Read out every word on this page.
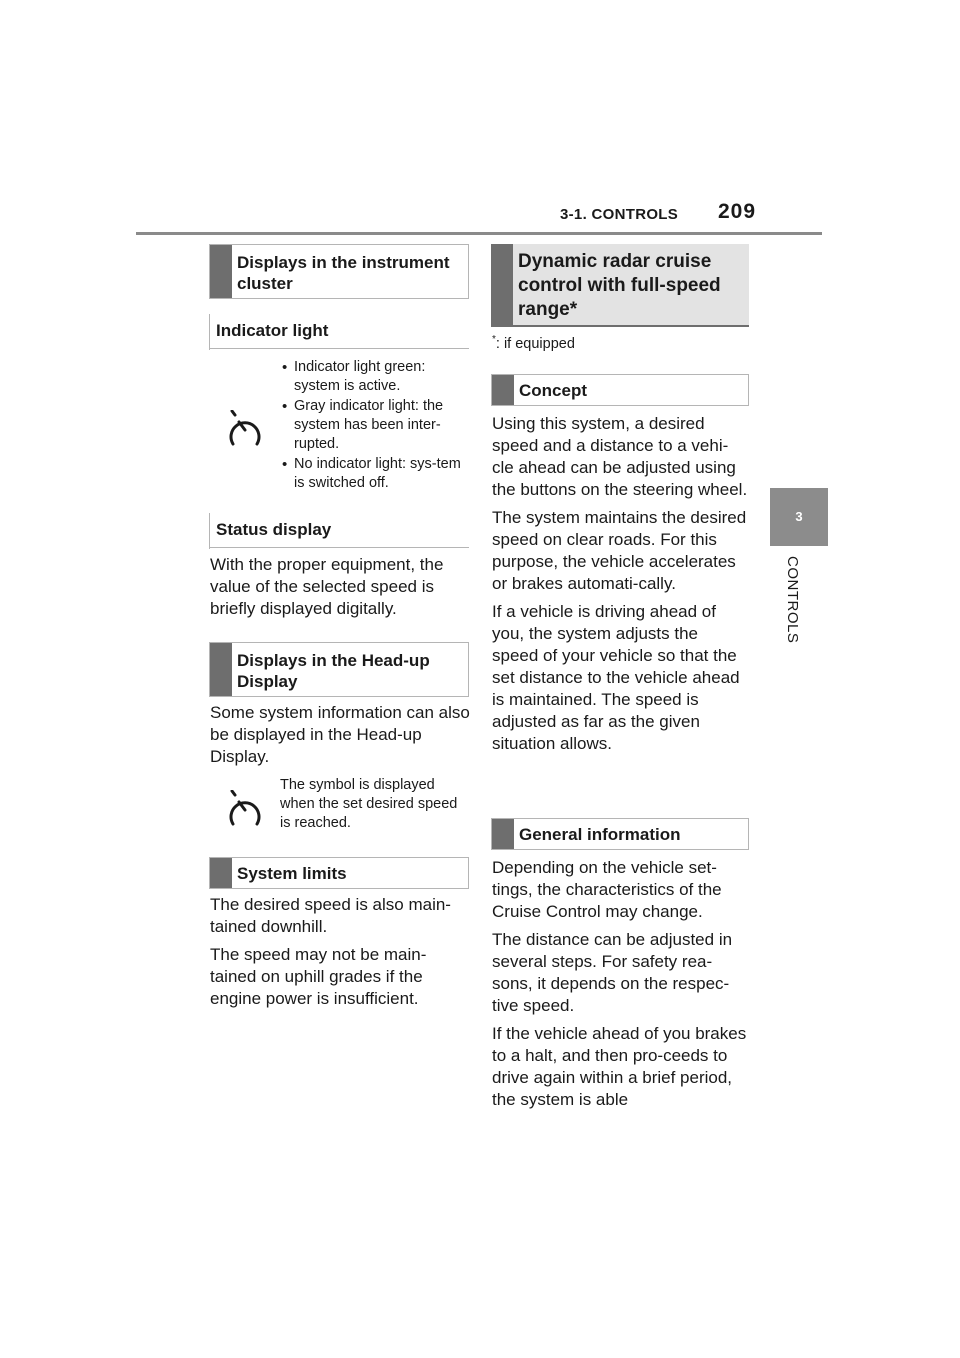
3-1. CONTROLS 209
3
CONTROLS
Displays in the instrument cluster
Indicator light
• Indicator light green: system is active.
• Gray indicator light: the system has been inter-rupted.
• No indicator light: sys-tem is switched off.
Status display
With the proper equipment, the value of the selected speed is briefly displayed digitally.
Displays in the Head-up Display
Some system information can also be displayed in the Head-up Display.
The symbol is displayed when the set desired speed is reached.
System limits

The desired speed is also main-tained downhill.

The speed may not be main-tained on uphill grades if the engine power is insufficient.

Dynamic radar cruise control with full-speed range*
*: if equipped
Concept

Using this system, a desired speed and a distance to a vehi-cle ahead can be adjusted using the buttons on the steering wheel.

The system maintains the desired speed on clear roads. For this purpose, the vehicle accelerates or brakes automati-cally.

If a vehicle is driving ahead of you, the system adjusts the speed of your vehicle so that the set distance to the vehicle ahead is maintained. The speed is adjusted as far as the given situation allows.

General information

Depending on the vehicle set-tings, the characteristics of the Cruise Control may change.

The distance can be adjusted in several steps. For safety rea-sons, it depends on the respec-tive speed.

If the vehicle ahead of you brakes to a halt, and then pro-ceeds to drive again within a brief period, the system is able
